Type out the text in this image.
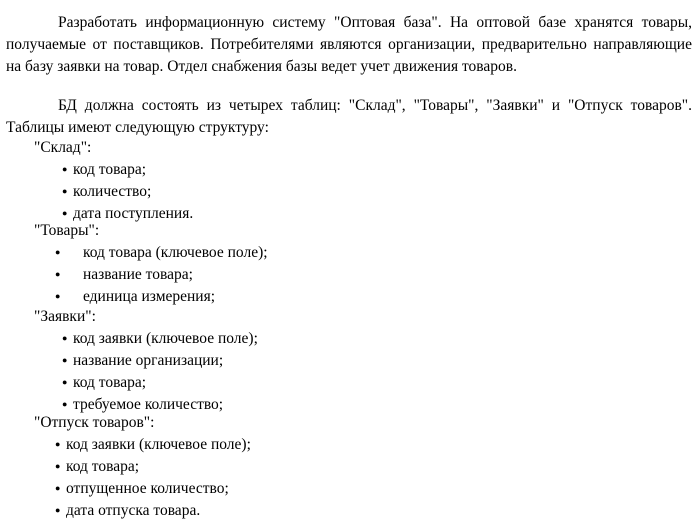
Разработать информационную систему "Оптовая база". На оптовой базе хранятся товары, получаемые от поставщиков. Потребителями являются организации, предварительно направляющие на базу заявки на товар. Отдел снабжения базы ведет учет движения товаров.

БД должна состоять из четырех таблиц: "Склад", "Товары", "Заявки" и "Отпуск товаров". Таблицы имеют следующую структуру:

"Склад":
●код товара;
●количество;
●дата поступления.
"Товары":
●код товара (ключевое поле);
●название товара;
●единица измерения;
"Заявки":
●код заявки (ключевое поле);
●название организации;
●код товара;
●требуемое количество;
"Отпуск товаров":
●код заявки (ключевое поле);
●код товара;
●отпущенное количество;
●дата отпуска товара.
